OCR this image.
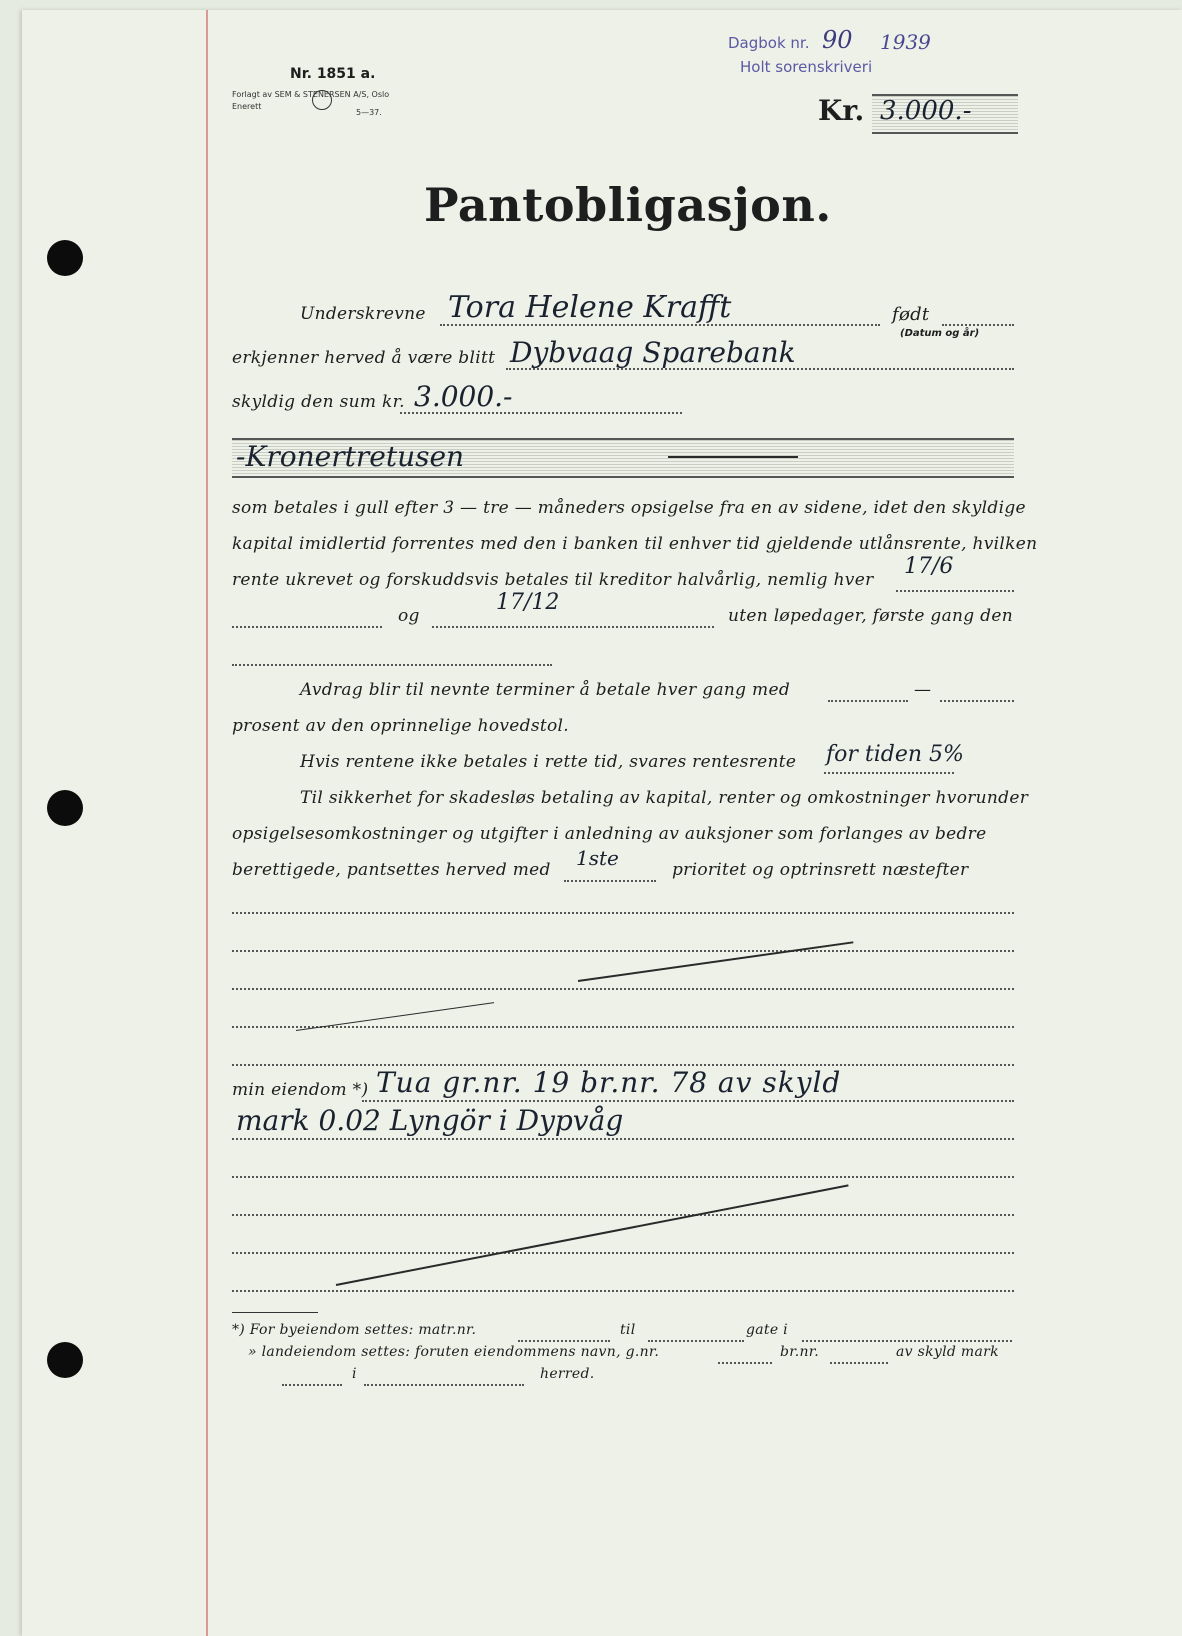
Nr. 1851 a.
Forlagt av SEM & STENERSEN A/S, Oslo
Enerett
5—37.
Dagbok nr. 90 1939
Holt sorenskriveri
Kr. 3.000.-
Pantobligasjon.
Underskrevne Tora Helene Krafft	født
(Datum og år)
erkjenner herved å være blitt Dybvaag Sparebank
skyldig den sum kr. 3.000.-
-Kronertretusen
som betales i gull efter 3 — tre — måneders opsigelse fra en av sidene, idet den skyldige
kapital imidlertid forrentes med den i banken til enhver tid gjeldende utlånsrente, hvilken
rente ukrevet og forskuddsvis betales til kreditor halvårlig, nemlig hver
17/6
og
17/12
uten løpedager, første gang den
Avdrag blir til nevnte terminer å betale hver gang med	—
prosent av den oprinnelige hovedstol.
Hvis rentene ikke betales i rette tid, svares rentesrente for tiden 5%
Til sikkerhet for skadesløs betaling av kapital, renter og omkostninger hvorunder
opsigelsesomkostninger og utgifter i anledning av auksjoner som forlanges av bedre
berettigede, pantsettes herved med 1ste	prioritet og optrinsrett næstefter
min eiendom *) Tua gr.nr. 19 br.nr. 78 av skyld
mark 0.02 Lyngör i Dypvåg
*) For byeiendom settes: matr.nr.	til	gate i
» landeiendom settes: foruten eiendommens navn, g.nr.	br.nr.	av skyld mark
i	herred.
